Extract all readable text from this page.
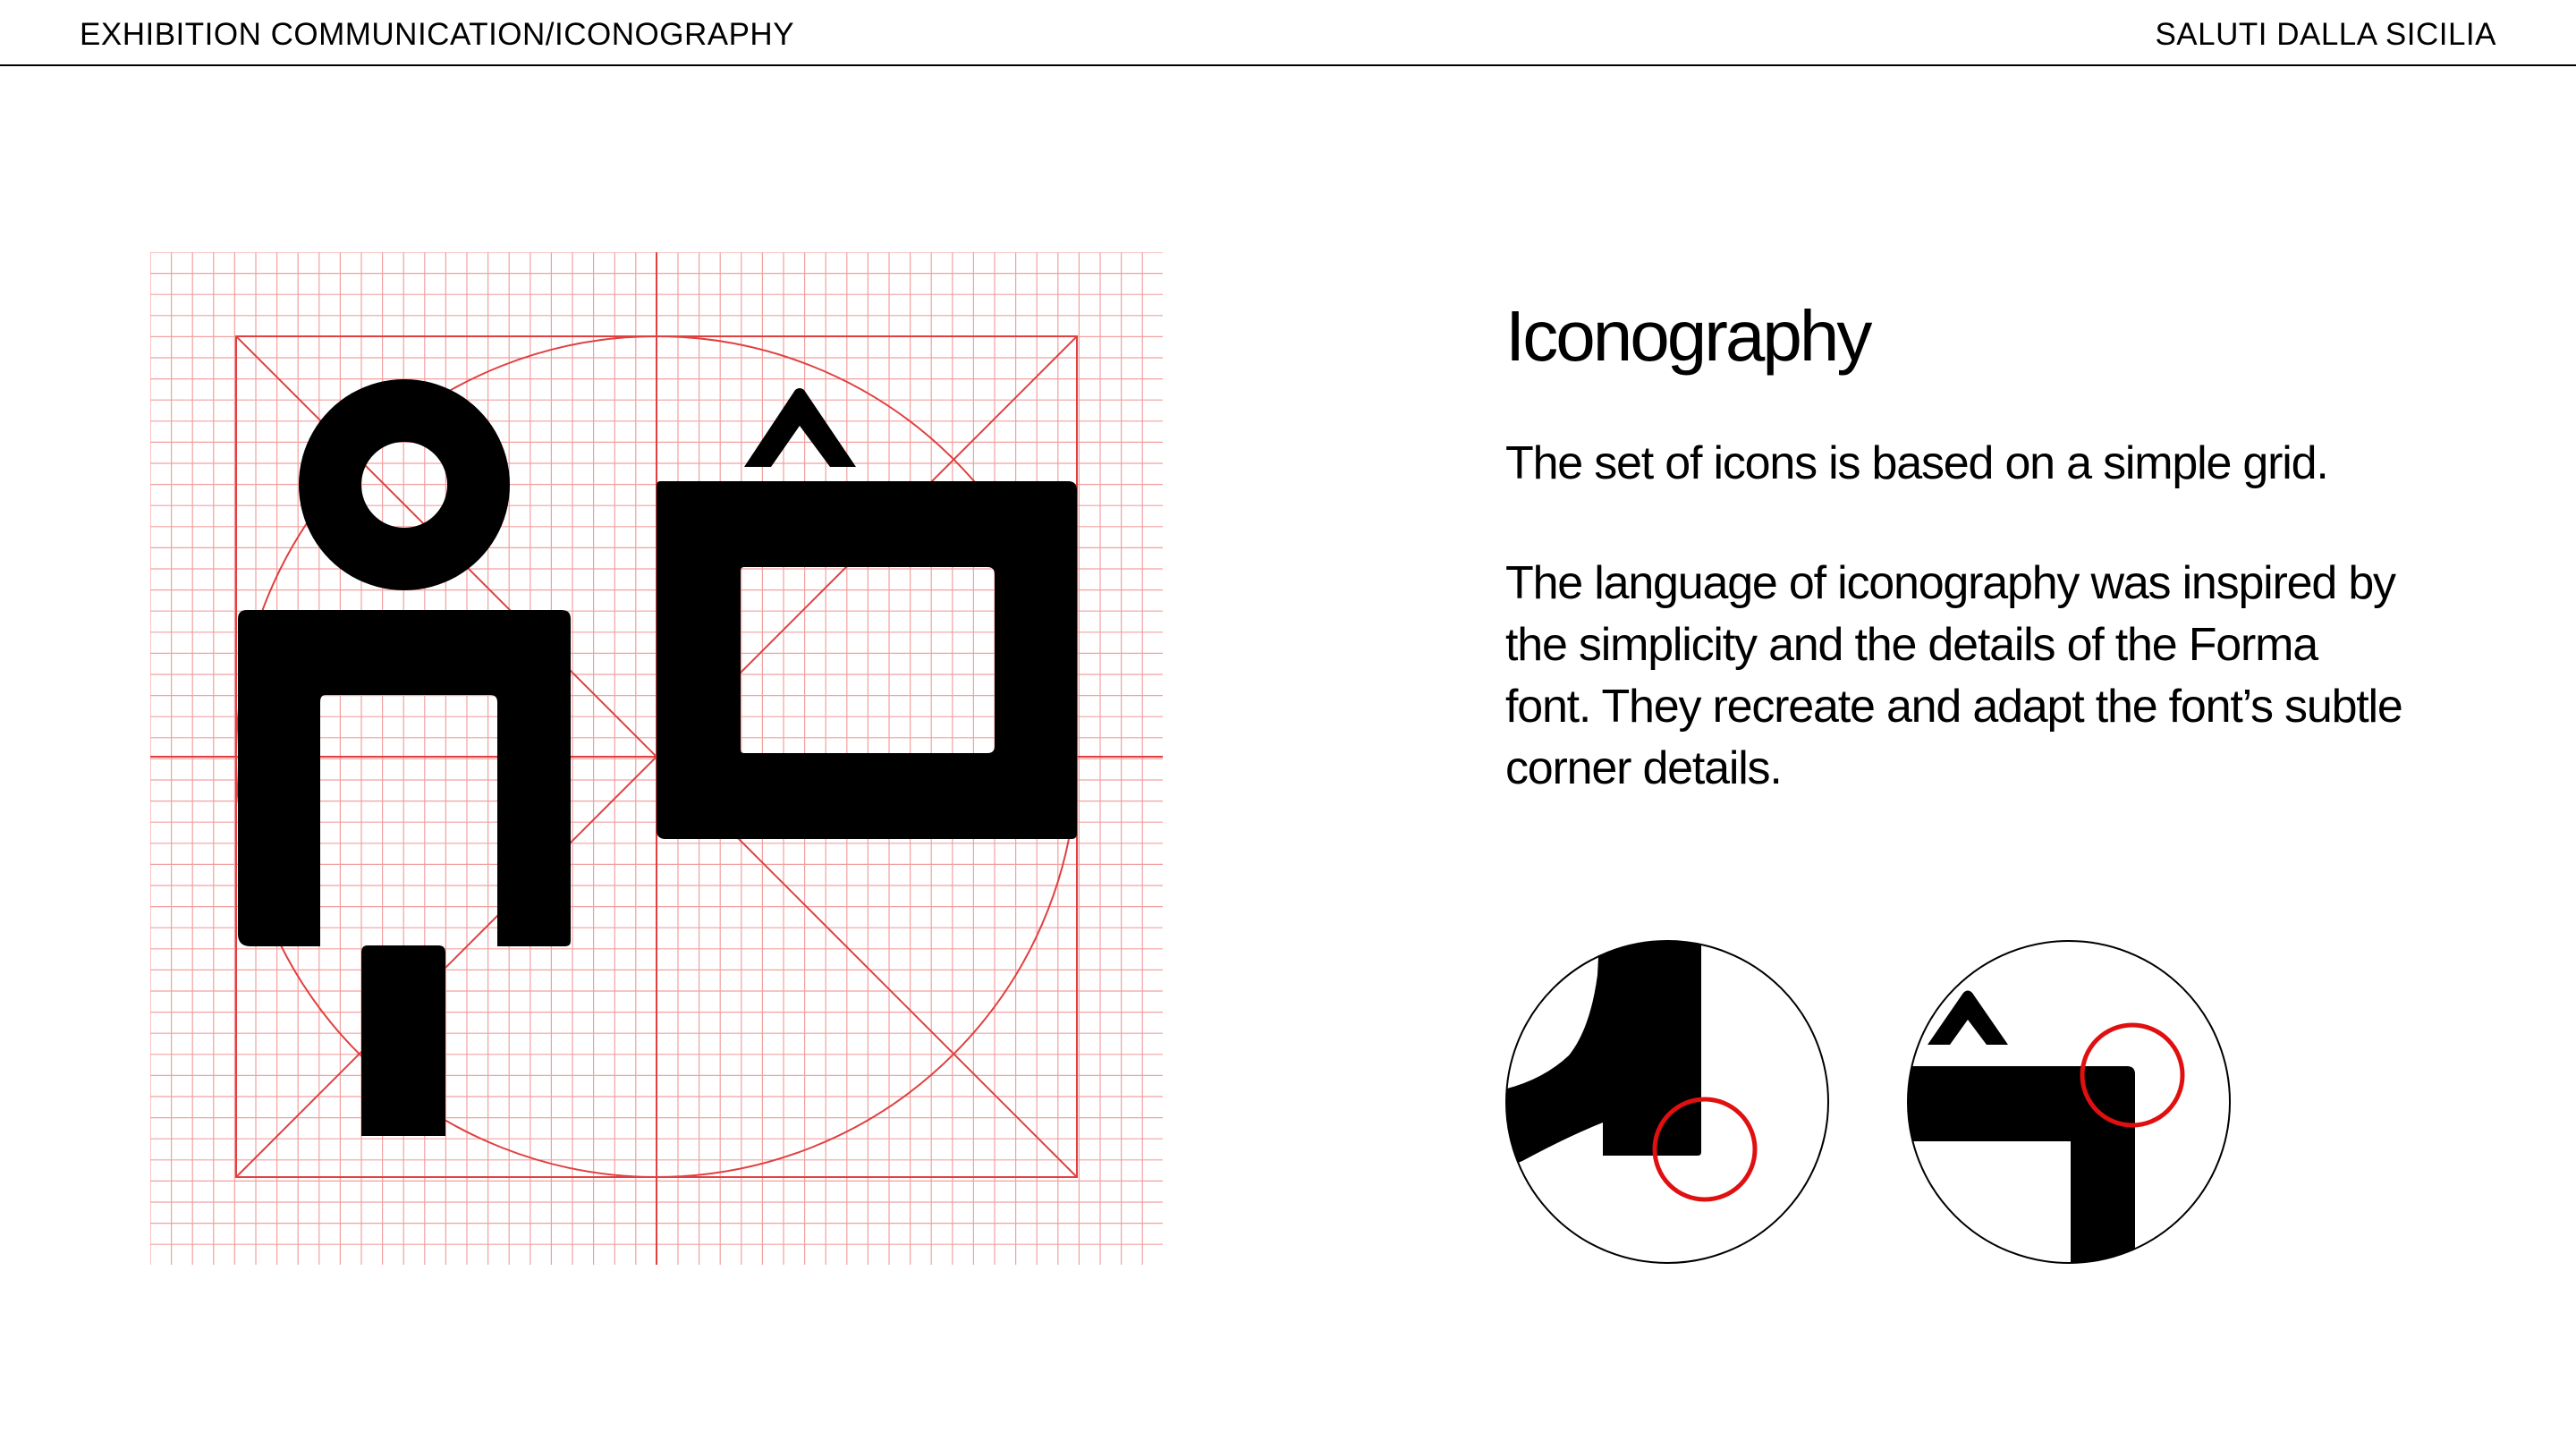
EXHIBITION COMMUNICATION/ICONOGRAPHY	SALUTI DALLA SICILIA
Iconography

The set of icons is based on a simple grid.

The language of iconography was inspired by the simplicity and the details of the Forma font. They recreate and adapt the font’s subtle corner details.
